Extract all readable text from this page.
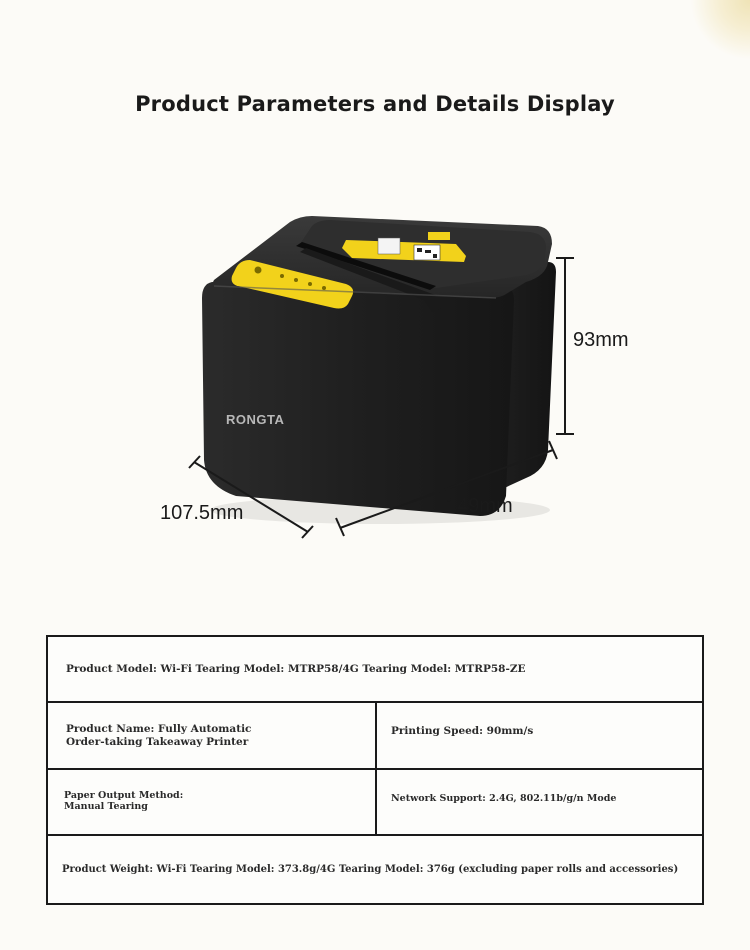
Product Parameters and Details Display
RONGTA
93mm
149mm
107.5mm
Product Model: Wi-Fi Tearing Model: MTRP58/4G Tearing Model: MTRP58-ZE
Product Name: Fully Automatic
Order-taking Takeaway Printer
Printing Speed: 90mm/s
Paper Output Method:
Manual Tearing
Network Support: 2.4G, 802.11b/g/n Mode
Product Weight: Wi-Fi Tearing Model: 373.8g/4G Tearing Model: 376g (excluding paper rolls and accessories)
